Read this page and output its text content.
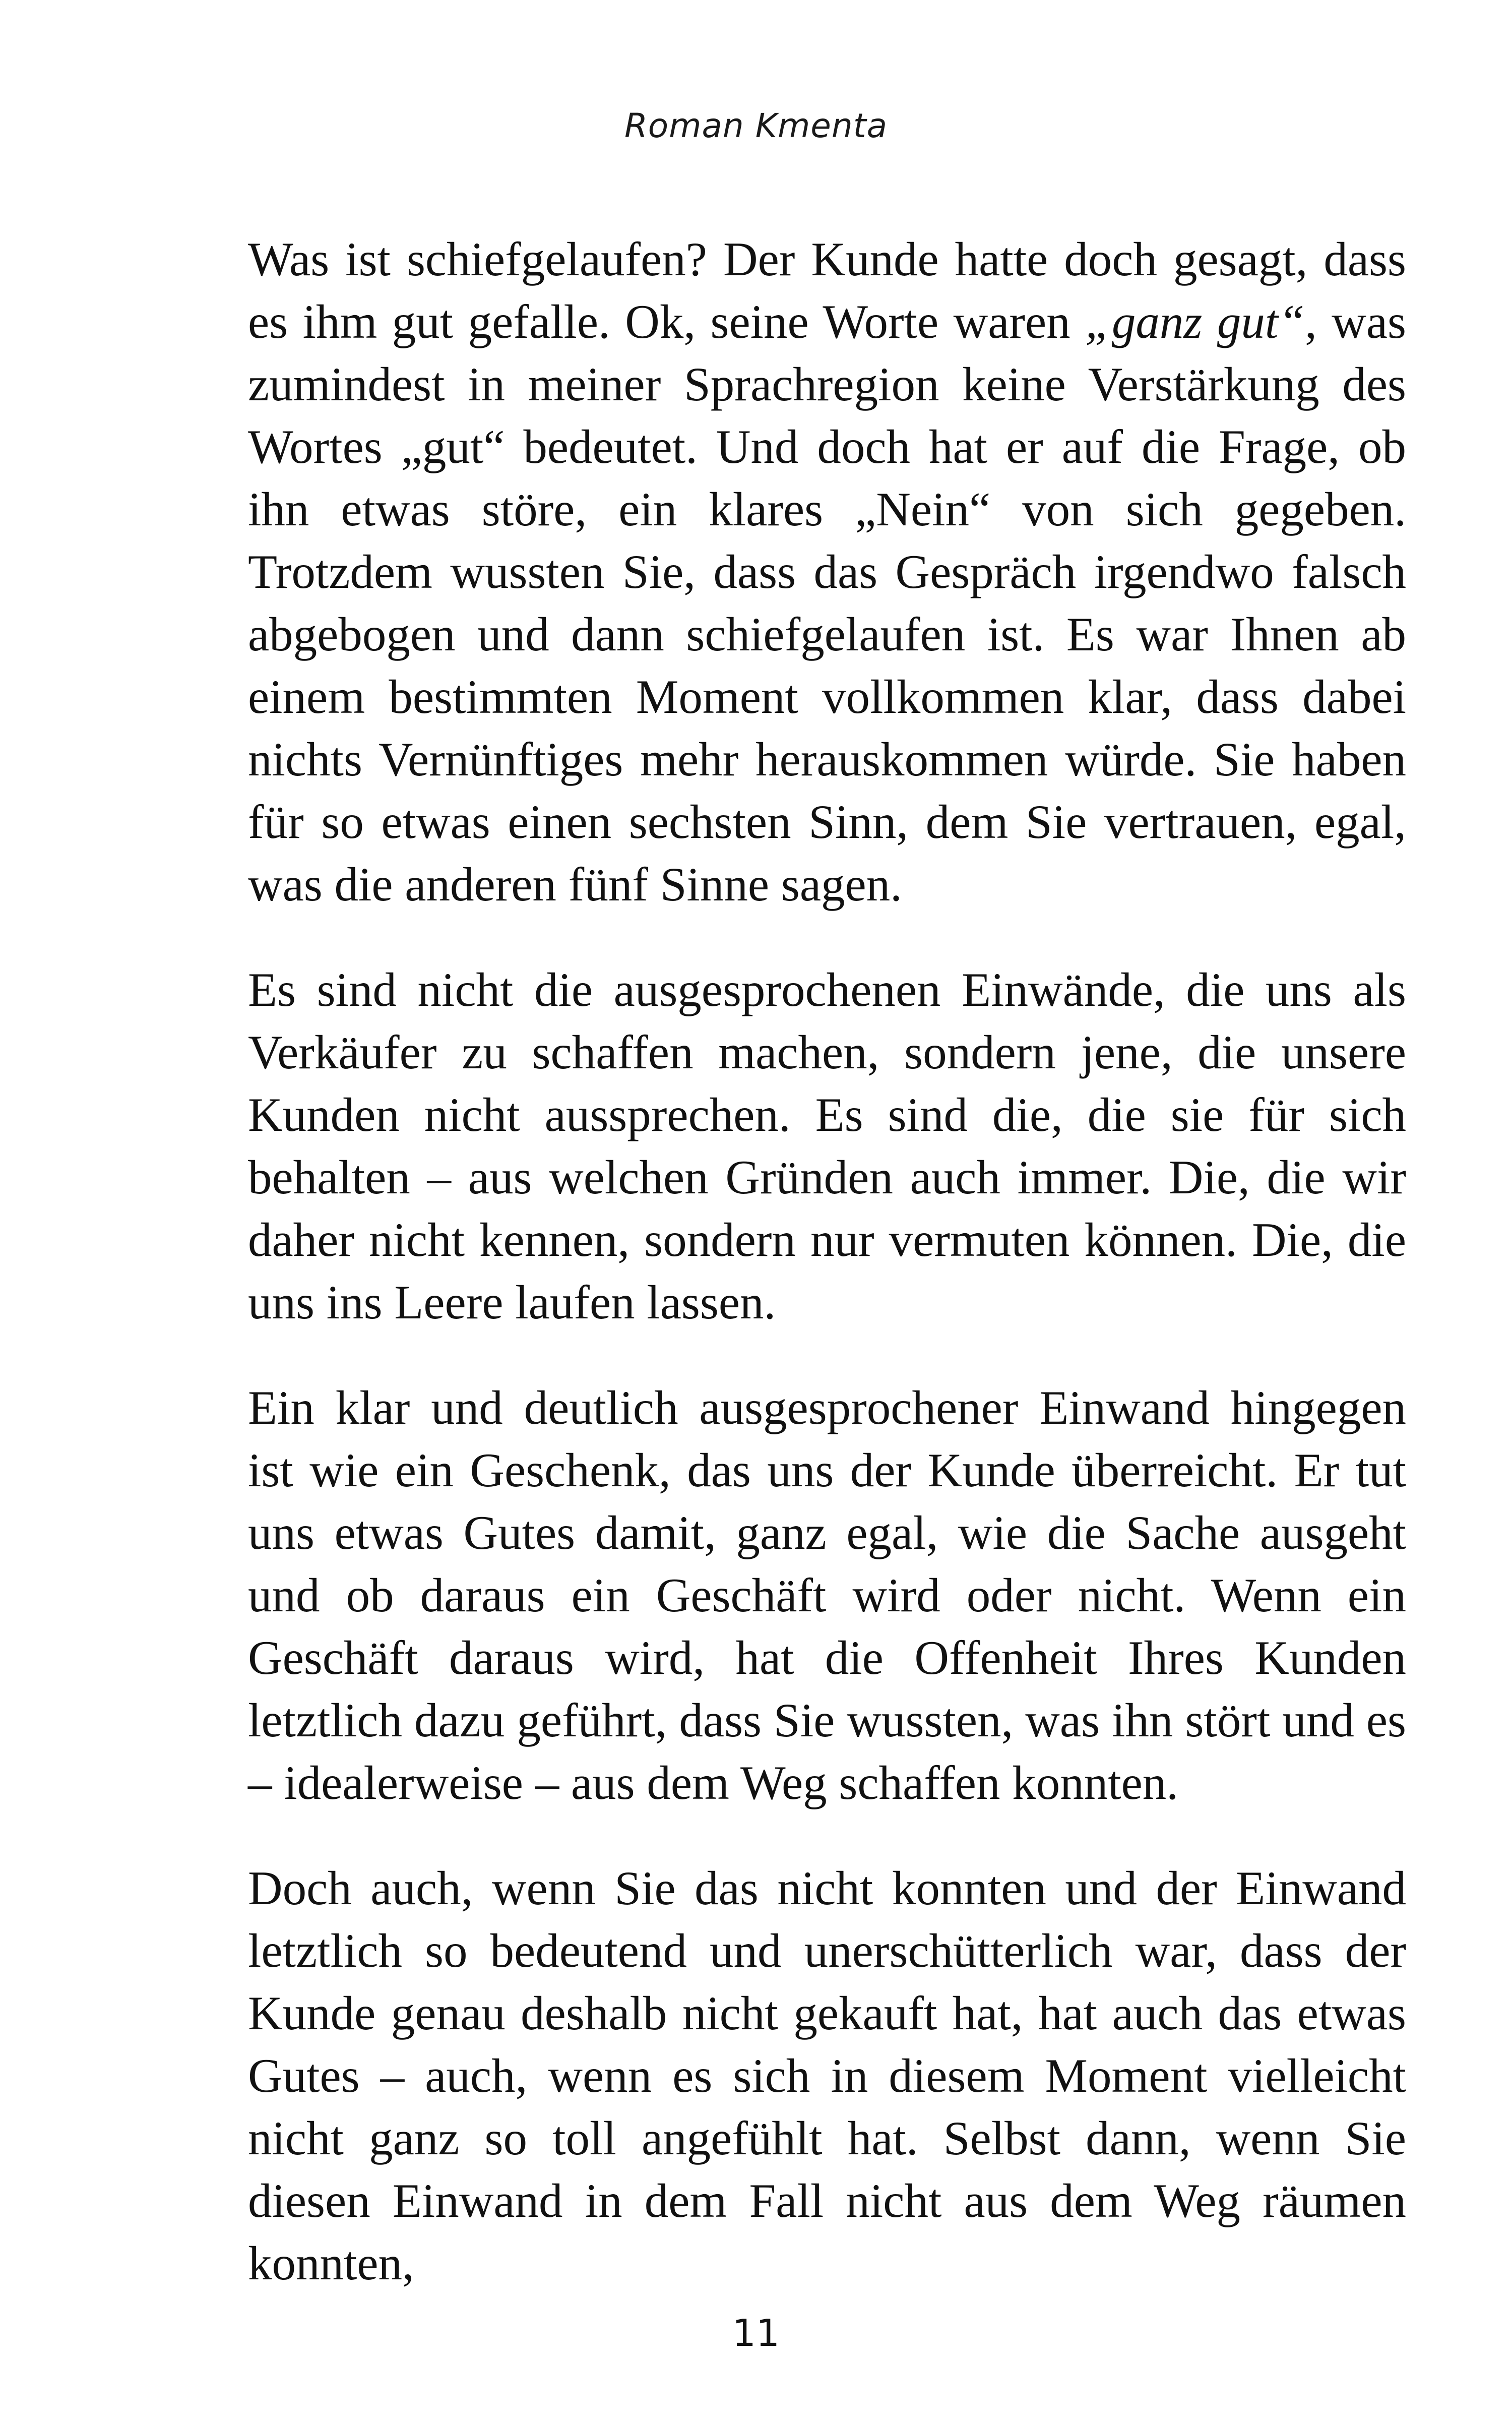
Roman Kmenta

Was ist schiefgelaufen? Der Kunde hatte doch gesagt, dass es ihm gut gefalle. Ok, seine Worte waren „ganz gut“, was zumindest in meiner Sprachregion keine Verstärkung des Wortes „gut“ bedeutet. Und doch hat er auf die Frage, ob ihn etwas störe, ein klares „Nein“ von sich gegeben. Trotzdem wussten Sie, dass das Gespräch irgendwo falsch abgebogen und dann schiefgelaufen ist. Es war Ihnen ab einem bestimmten Moment vollkommen klar, dass dabei nichts Vernünftiges mehr herauskommen würde. Sie haben für so etwas einen sechsten Sinn, dem Sie vertrauen, egal, was die anderen fünf Sinne sagen.

Es sind nicht die ausgesprochenen Einwände, die uns als Verkäufer zu schaffen machen, sondern jene, die unsere Kunden nicht aussprechen. Es sind die, die sie für sich behalten – aus welchen Gründen auch immer. Die, die wir daher nicht kennen, sondern nur vermuten können. Die, die uns ins Leere laufen lassen.

Ein klar und deutlich ausgesprochener Einwand hingegen ist wie ein Geschenk, das uns der Kunde überreicht. Er tut uns etwas Gutes damit, ganz egal, wie die Sache ausgeht und ob daraus ein Geschäft wird oder nicht. Wenn ein Geschäft daraus wird, hat die Offenheit Ihres Kunden letztlich dazu geführt, dass Sie wussten, was ihn stört und es – idealerweise – aus dem Weg schaffen konnten.

Doch auch, wenn Sie das nicht konnten und der Einwand letztlich so bedeutend und unerschütterlich war, dass der Kunde genau deshalb nicht gekauft hat, hat auch das etwas Gutes – auch, wenn es sich in diesem Moment vielleicht nicht ganz so toll angefühlt hat. Selbst dann, wenn Sie diesen Einwand in dem Fall nicht aus dem Weg räumen konnten,

11
